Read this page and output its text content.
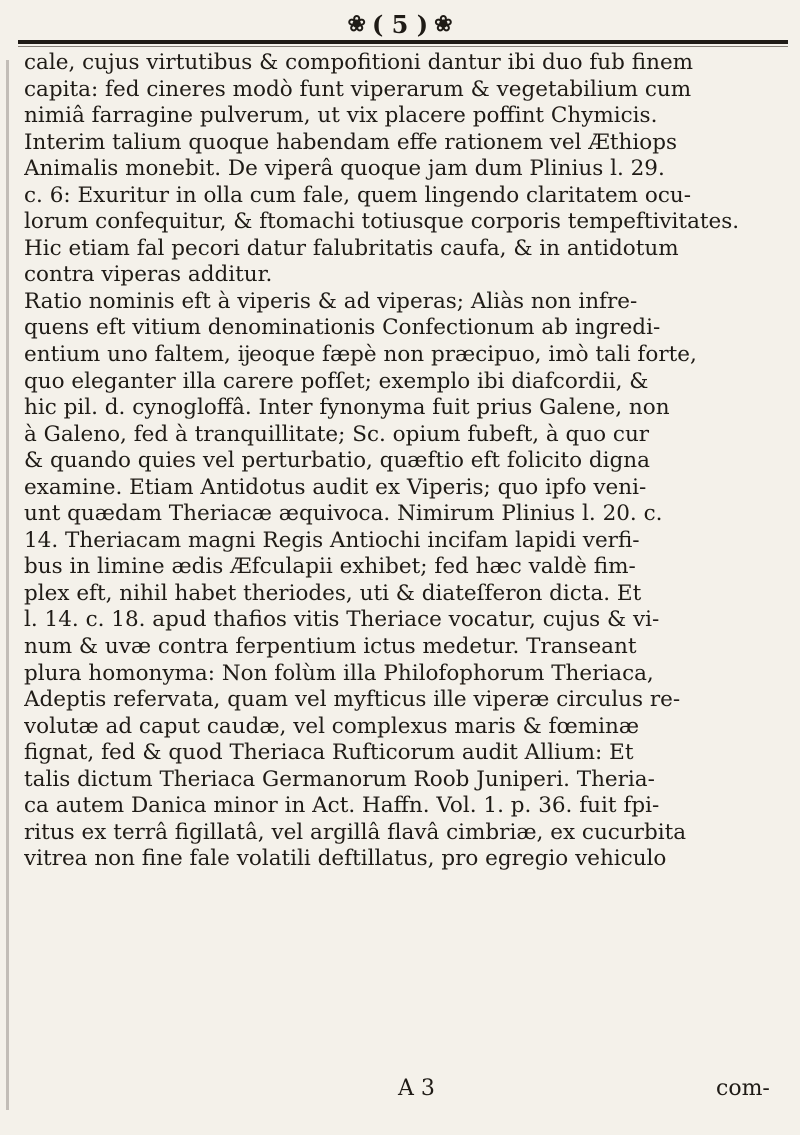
❀ ( 5 ) ❀
cale, cujus virtutibus & compofitioni dantur ibi duo fub finem
capita: fed cineres modò funt viperarum & vegetabilium cum
nimiâ farragine pulverum, ut vix placere poffint Chymicis.
Interim talium quoque habendam effe rationem vel Æthiops
Animalis monebit. De viperâ quoque jam dum Plinius l. 29.
c. 6: Exuritur in olla cum fale, quem lingendo claritatem ocu-
lorum confequitur, & ftomachi totiusque corporis tempeftivitates.
Hic etiam fal pecori datur falubritatis caufa, & in antidotum
contra viperas additur.
Ratio nominis eft à viperis & ad viperas; Aliàs non infre-
quens eft vitium denominationis Confectionum ab ingredi-
entium uno faltem, ĳeoque fæpè non præcipuo, imò tali forte,
quo eleganter illa carere pofſet; exemplo ibi diafcordii, &
hic pil. d. cynogloffâ. Inter fynonyma fuit prius Galene, non
à Galeno, fed à tranquillitate; Sc. opium fubeft, à quo cur
& quando quies vel perturbatio, quæftio eft folicito digna
examine. Etiam Antidotus audit ex Viperis; quo ipfo veni-
unt quædam Theriacæ æquivoca. Nimirum Plinius l. 20. c.
14. Theriacam magni Regis Antiochi incifam lapidi verfi-
bus in limine ædis Æfculapii exhibet; fed hæc valdè fim-
plex eft, nihil habet theriodes, uti & diateſferon dicta. Et
l. 14. c. 18. apud thafios vitis Theriace vocatur, cujus & vi-
num & uvæ contra ferpentium ictus medetur. Transeant
plura homonyma: Non folùm illa Philofophorum Theriaca,
Adeptis refervata, quam vel myfticus ille viperæ circulus re-
volutæ ad caput caudæ, vel complexus maris & fœminæ
fignat, fed & quod Theriaca Rufticorum audit Allium: Et
talis dictum Theriaca Germanorum Roob Juniperi. Theria-
ca autem Danica minor in Act. Haffn. Vol. 1. p. 36. fuit fpi-
ritus ex terrâ figillatâ, vel argillâ flavâ cimbriæ, ex cucurbita
vitrea non fine fale volatili deftillatus, pro egregio vehiculo
A 3	com-
